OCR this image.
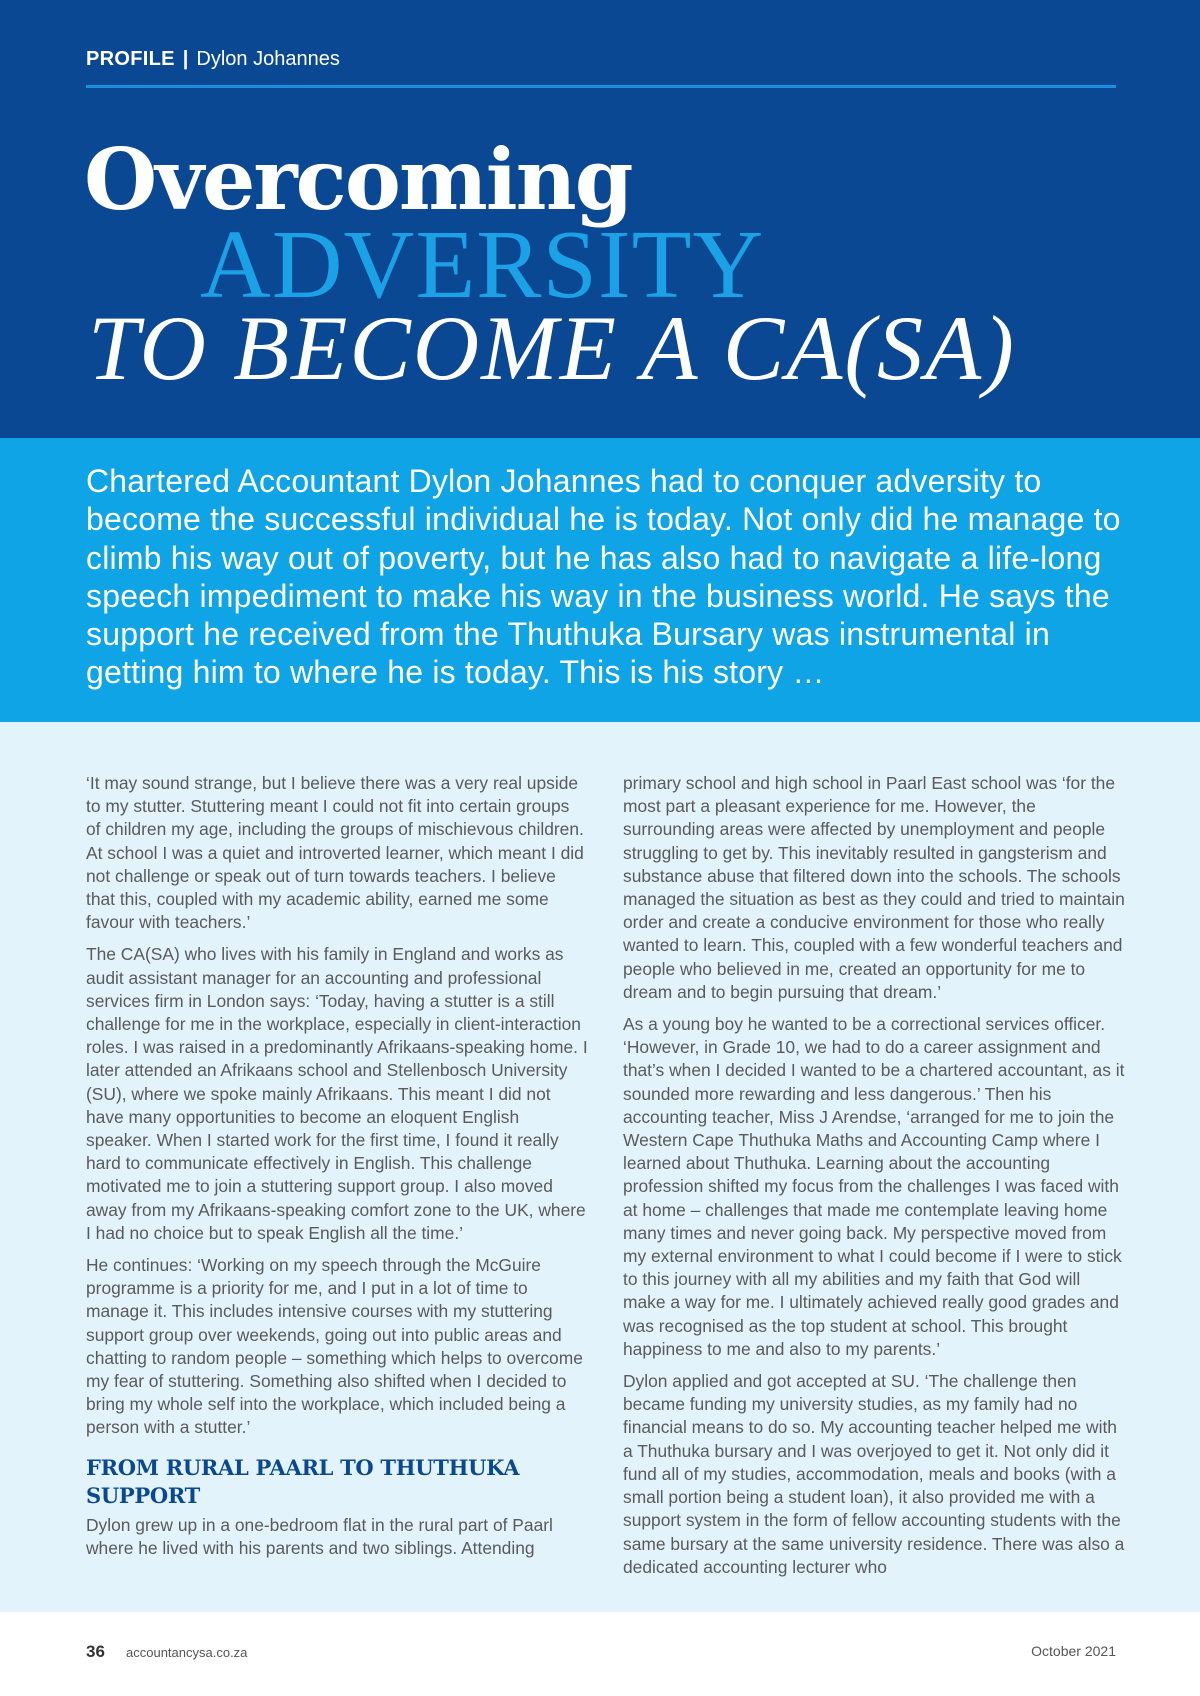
PROFILE | Dylon Johannes
Overcoming
ADVERSITY
TO BECOME A CA(SA)

Chartered Accountant Dylon Johannes had to conquer adversity to become the successful individual he is today. Not only did he manage to climb his way out of poverty, but he has also had to navigate a life-long speech impediment to make his way in the business world. He says the support he received from the Thuthuka Bursary was instrumental in getting him to where he is today. This is his story …

‘It may sound strange, but I believe there was a very real upside to my stutter. Stuttering meant I could not fit into certain groups of children my age, including the groups of mischievous children. At school I was a quiet and introverted learner, which meant I did not challenge or speak out of turn towards teachers. I believe that this, coupled with my academic ability, earned me some favour with teachers.’

The CA(SA) who lives with his family in England and works as audit assistant manager for an accounting and professional services firm in London says: ‘Today, having a stutter is a still challenge for me in the workplace, especially in client-interaction roles. I was raised in a predominantly Afrikaans-speaking home. I later attended an Afrikaans school and Stellenbosch University (SU), where we spoke mainly Afrikaans. This meant I did not have many opportunities to become an eloquent English speaker. When I started work for the first time, I found it really hard to communicate effectively in English. This challenge motivated me to join a stuttering support group. I also moved away from my Afrikaans-speaking comfort zone to the UK, where I had no choice but to speak English all the time.’

He continues: ‘Working on my speech through the McGuire programme is a priority for me, and I put in a lot of time to manage it. This includes intensive courses with my stuttering support group over weekends, going out into public areas and chatting to random people – something which helps to overcome my fear of stuttering. Something also shifted when I decided to bring my whole self into the workplace, which included being a person with a stutter.’

FROM RURAL PAARL TO THUTHUKA SUPPORT

Dylon grew up in a one-bedroom flat in the rural part of Paarl where he lived with his parents and two siblings. Attending

primary school and high school in Paarl East school was ‘for the most part a pleasant experience for me. However, the surrounding areas were affected by unemployment and people struggling to get by. This inevitably resulted in gangsterism and substance abuse that filtered down into the schools. The schools managed the situation as best as they could and tried to maintain order and create a conducive environment for those who really wanted to learn. This, coupled with a few wonderful teachers and people who believed in me, created an opportunity for me to dream and to begin pursuing that dream.’

As a young boy he wanted to be a correctional services officer. ‘However, in Grade 10, we had to do a career assignment and that’s when I decided I wanted to be a chartered accountant, as it sounded more rewarding and less dangerous.’ Then his accounting teacher, Miss J Arendse, ‘arranged for me to join the Western Cape Thuthuka Maths and Accounting Camp where I learned about Thuthuka. Learning about the accounting profession shifted my focus from the challenges I was faced with at home – challenges that made me contemplate leaving home many times and never going back. My perspective moved from my external environment to what I could become if I were to stick to this journey with all my abilities and my faith that God will make a way for me. I ultimately achieved really good grades and was recognised as the top student at school. This brought happiness to me and also to my parents.’

Dylon applied and got accepted at SU. ‘The challenge then became funding my university studies, as my family had no financial means to do so. My accounting teacher helped me with a Thuthuka bursary and I was overjoyed to get it. Not only did it fund all of my studies, accommodation, meals and books (with a small portion being a student loan), it also provided me with a support system in the form of fellow accounting students with the same bursary at the same university residence. There was also a dedicated accounting lecturer who

36 accountancysa.co.za	October 2021
